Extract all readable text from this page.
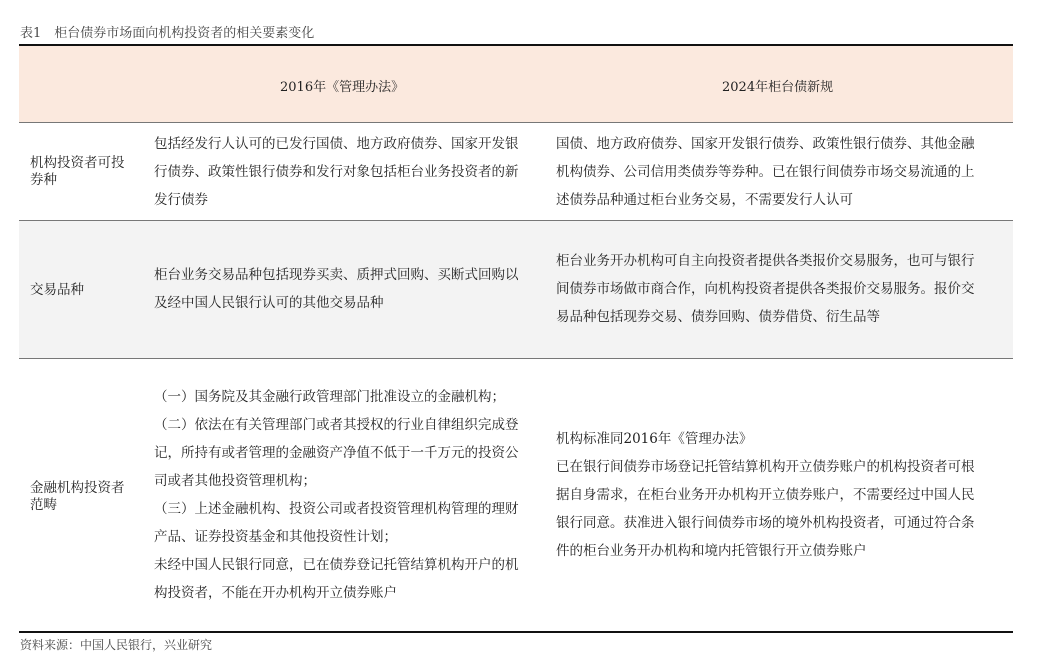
表1　柜台债券市场面向机构投资者的相关要素变化
2016年《管理办法》	2024年柜台债新规
机构投资者可投
券种
包括经发行人认可的已发行国债、地方政府债券、国家开发银
行债券、政策性银行债券和发行对象包括柜台业务投资者的新
发行债券
国债、地方政府债券、国家开发银行债券、政策性银行债券、其他金融
机构债券、公司信用类债券等券种。已在银行间债券市场交易流通的上
述债券品种通过柜台业务交易，不需要发行人认可
交易品种
柜台业务交易品种包括现券买卖、质押式回购、买断式回购以
及经中国人民银行认可的其他交易品种
柜台业务开办机构可自主向投资者提供各类报价交易服务，也可与银行
间债券市场做市商合作，向机构投资者提供各类报价交易服务。报价交
易品种包括现券交易、债券回购、债券借贷、衍生品等
金融机构投资者
范畴
（一）国务院及其金融行政管理部门批准设立的金融机构；
（二）依法在有关管理部门或者其授权的行业自律组织完成登
记，所持有或者管理的金融资产净值不低于一千万元的投资公
司或者其他投资管理机构；
（三）上述金融机构、投资公司或者投资管理机构管理的理财
产品、证券投资基金和其他投资性计划；
未经中国人民银行同意，已在债券登记托管结算机构开户的机
构投资者，不能在开办机构开立债券账户
机构标准同2016年《管理办法》
已在银行间债券市场登记托管结算机构开立债券账户的机构投资者可根
据自身需求，在柜台业务开办机构开立债券账户，不需要经过中国人民
银行同意。获准进入银行间债券市场的境外机构投资者，可通过符合条
件的柜台业务开办机构和境内托管银行开立债券账户
资料来源：中国人民银行，兴业研究
